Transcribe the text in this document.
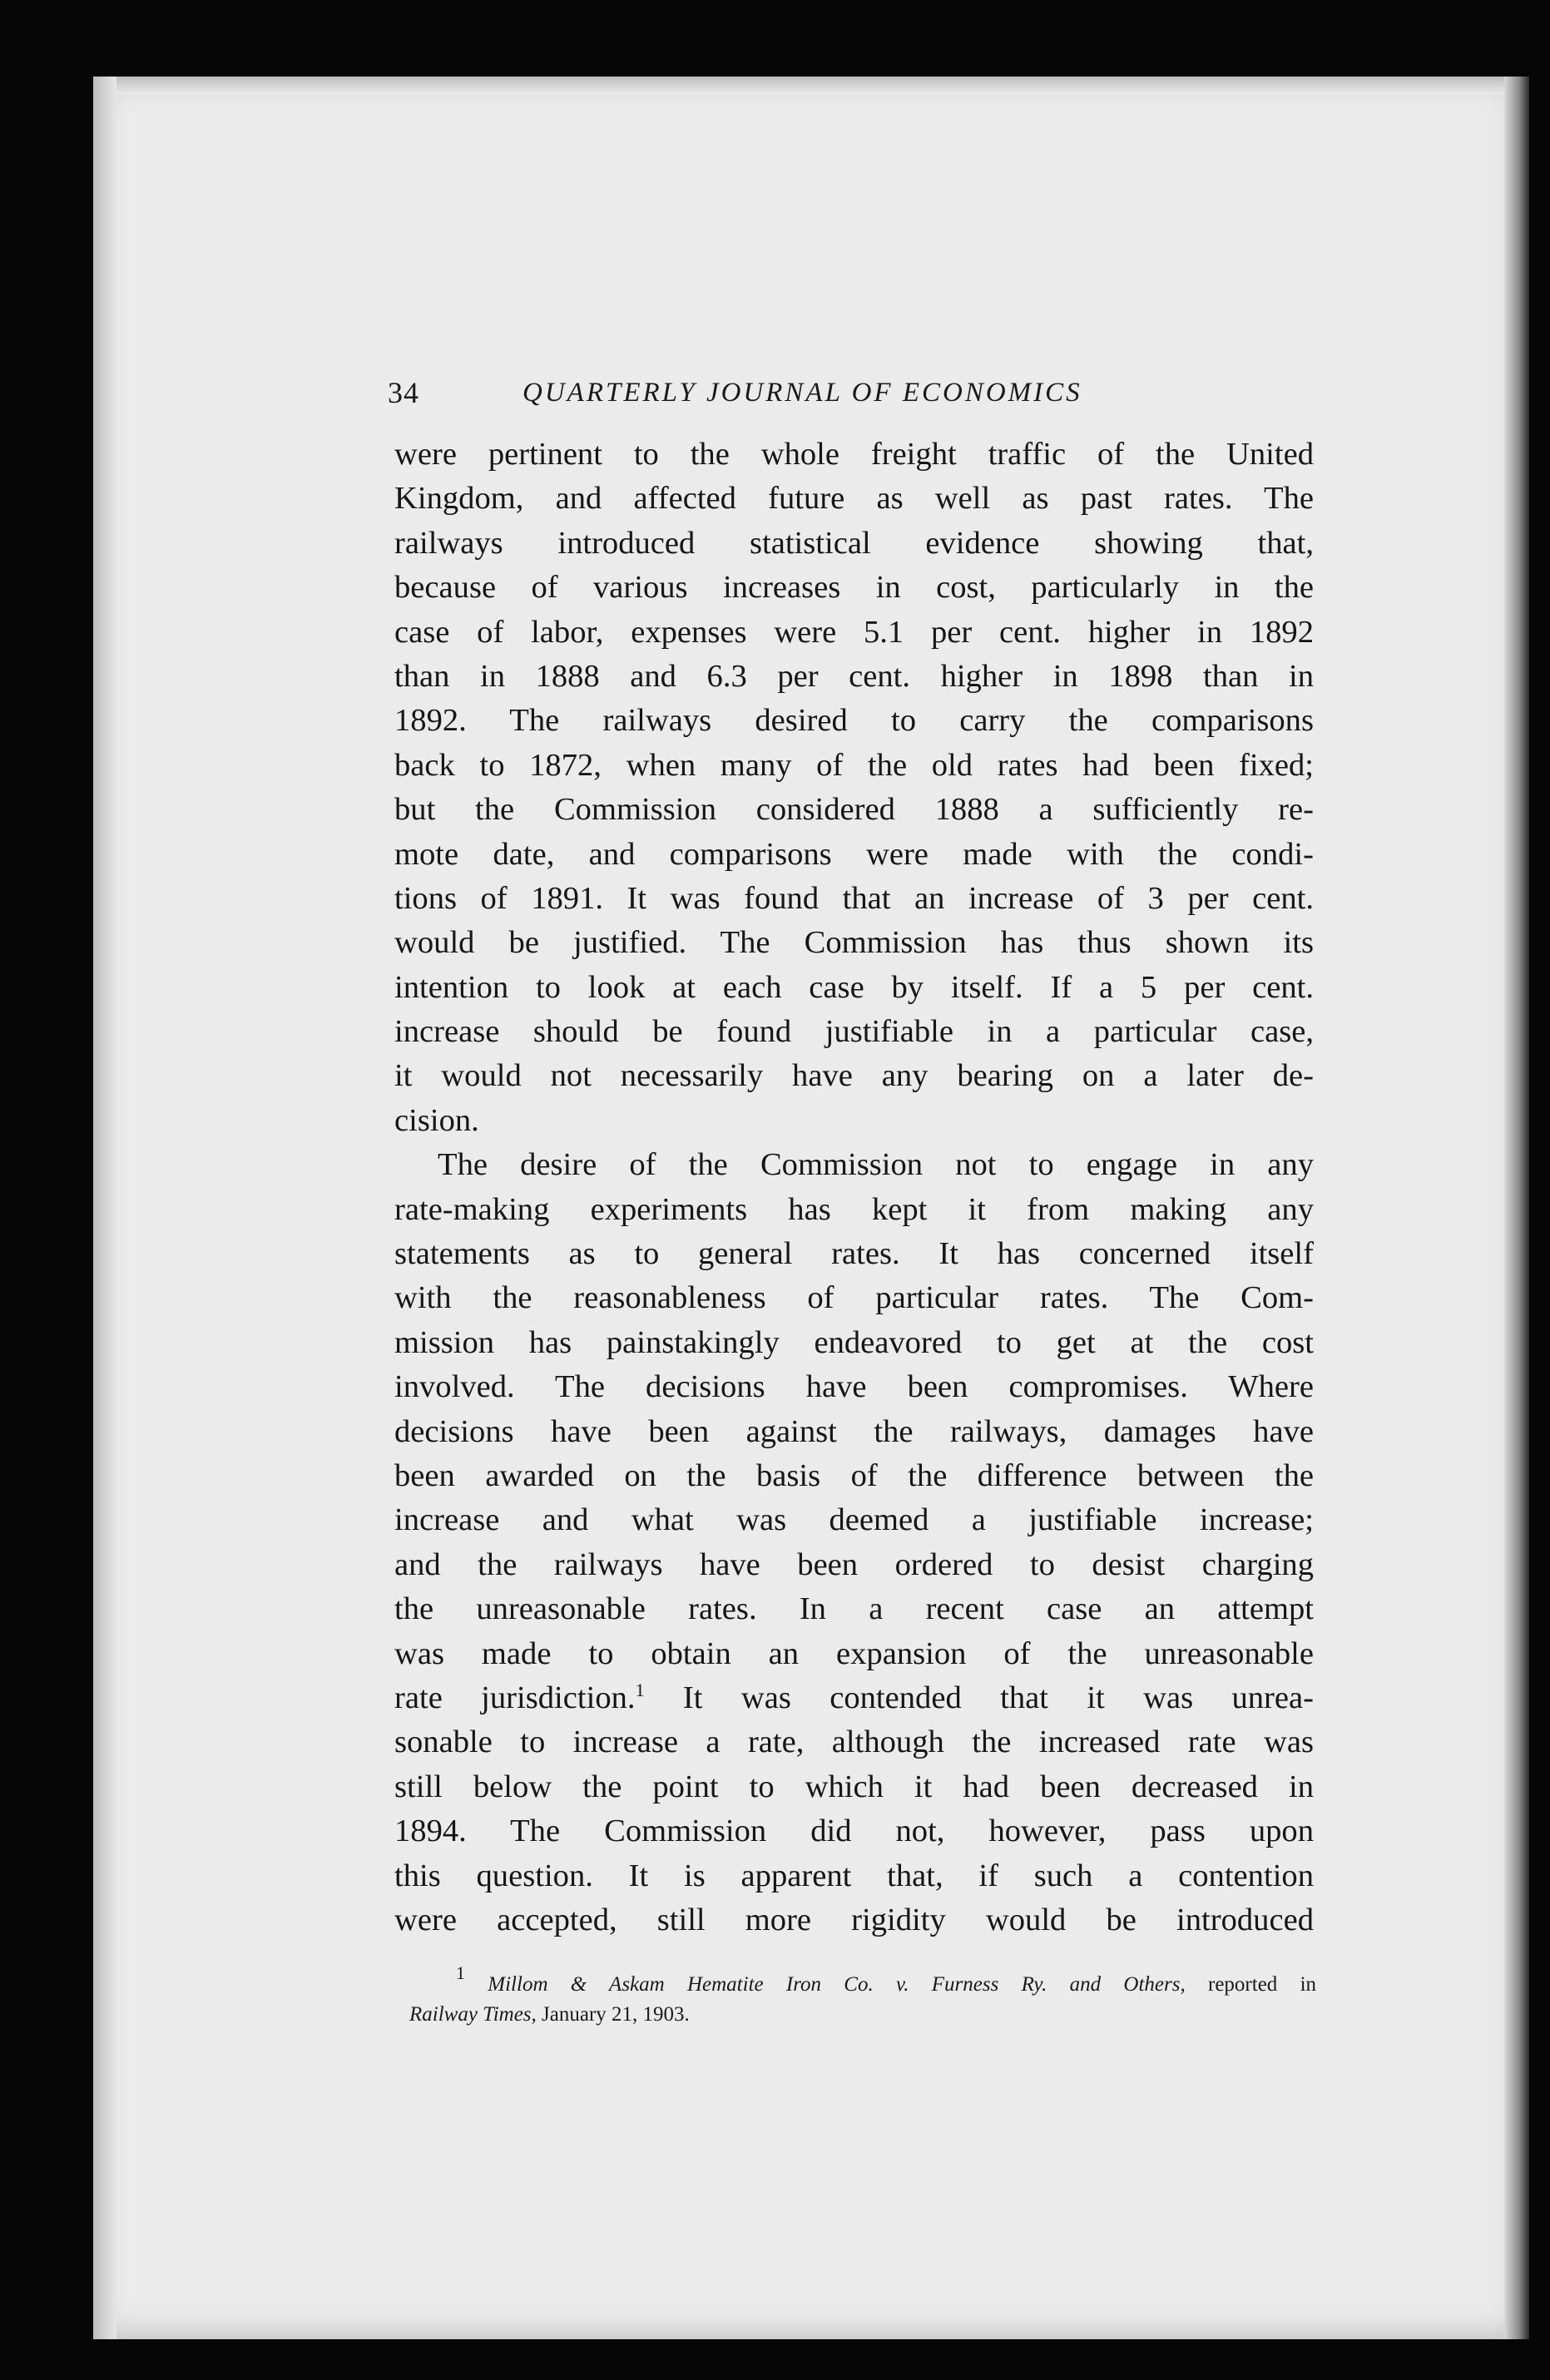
34	QUARTERLY JOURNAL OF ECONOMICS
were pertinent to the whole freight traffic of the United
Kingdom, and affected future as well as past rates. The
railways introduced statistical evidence showing that,
because of various increases in cost, particularly in the
case of labor, expenses were 5.1 per cent. higher in 1892
than in 1888 and 6.3 per cent. higher in 1898 than in
1892. The railways desired to carry the comparisons
back to 1872, when many of the old rates had been fixed;
but the Commission considered 1888 a sufficiently re-
mote date, and comparisons were made with the condi-
tions of 1891. It was found that an increase of 3 per cent.
would be justified. The Commission has thus shown its
intention to look at each case by itself. If a 5 per cent.
increase should be found justifiable in a particular case,
it would not necessarily have any bearing on a later de-
cision.
The desire of the Commission not to engage in any
rate-making experiments has kept it from making any
statements as to general rates. It has concerned itself
with the reasonableness of particular rates. The Com-
mission has painstakingly endeavored to get at the cost
involved. The decisions have been compromises. Where
decisions have been against the railways, damages have
been awarded on the basis of the difference between the
increase and what was deemed a justifiable increase;
and the railways have been ordered to desist charging
the unreasonable rates. In a recent case an attempt
was made to obtain an expansion of the unreasonable
rate jurisdiction.$^1$ It was contended that it was unrea-
sonable to increase a rate, although the increased rate was
still below the point to which it had been decreased in
1894. The Commission did not, however, pass upon
this question. It is apparent that, if such a contention
were accepted, still more rigidity would be introduced
$^1$ Millom & Askam Hematite Iron Co. v. Furness Ry. and Others, reported in
Railway Times, January 21, 1903.
